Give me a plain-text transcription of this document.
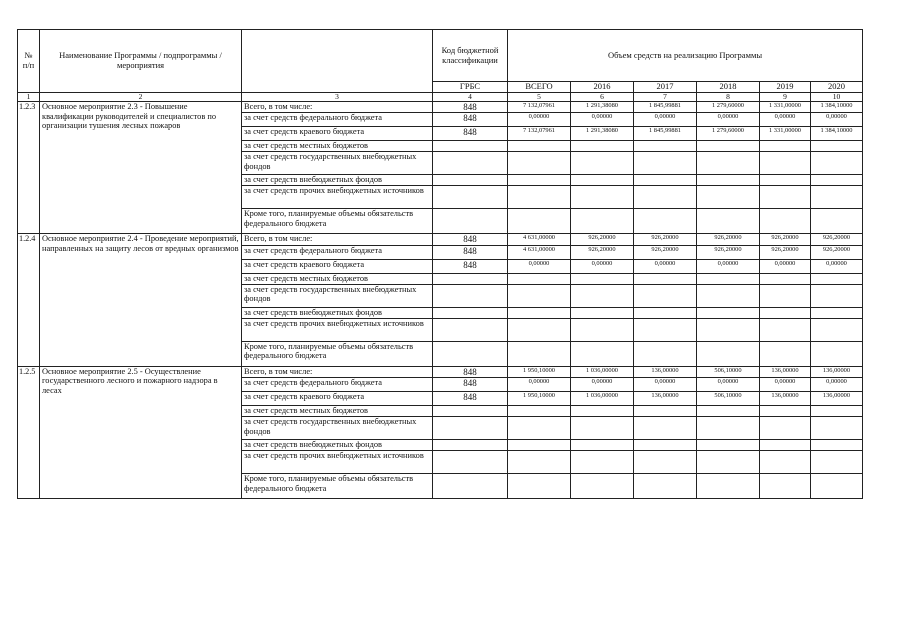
№
п/п	Наименование Программы / подпрограммы / мероприятия		Код бюджетной классификации	Объем средств на реализацию Программы					
			ГРБС	ВСЕГО	2016	2017	2018	2019	2020
1	2	3	4	5	6	7	8	9	10
1.2.3	Основное мероприятие 2.3 - Повышение квалификации руководителей и специалистов по организации тушения лесных пожаров	Всего, в том числе:	848	7 132,07961	1 291,38080	1 845,99881	1 279,60000	1 331,00000	1 384,10000
		за счет средств федерального бюджета	848	0,00000	0,00000	0,00000	0,00000	0,00000	0,00000
		за счет средств краевого бюджета	848	7 132,07961	1 291,38080	1 845,99881	1 279,60000	1 331,00000	1 384,10000
		за счет средств местных бюджетов							
		за счет средств государственных внебюджетных фондов							
		за счет средств внебюджетных фондов							
		за счет средств прочих внебюджетных источников							
		Кроме того, планируемые объемы обязательств федерального бюджета							
1.2.4	Основное мероприятие 2.4 - Проведение мероприятий, направленных на защиту лесов от вредных организмов	Всего, в том числе:	848	4 631,00000	926,20000	926,20000	926,20000	926,20000	926,20000
		за счет средств федерального бюджета	848	4 631,00000	926,20000	926,20000	926,20000	926,20000	926,20000
		за счет средств краевого бюджета	848	0,00000	0,00000	0,00000	0,00000	0,00000	0,00000
		за счет средств местных бюджетов							
		за счет средств государственных внебюджетных фондов							
		за счет средств внебюджетных фондов							
		за счет средств прочих внебюджетных источников							
		Кроме того, планируемые объемы обязательств федерального бюджета							
1.2.5	Основное мероприятие 2.5 - Осуществление государственного лесного и пожарного надзора в лесах	Всего, в том числе:	848	1 950,10000	1 036,00000	136,00000	506,10000	136,00000	136,00000
		за счет средств федерального бюджета	848	0,00000	0,00000	0,00000	0,00000	0,00000	0,00000
		за счет средств краевого бюджета	848	1 950,10000	1 036,00000	136,00000	506,10000	136,00000	136,00000
		за счет средств местных бюджетов							
		за счет средств государственных внебюджетных фондов							
		за счет средств внебюджетных фондов							
		за счет средств прочих внебюджетных источников							
		Кроме того, планируемые объемы обязательств федерального бюджета							
